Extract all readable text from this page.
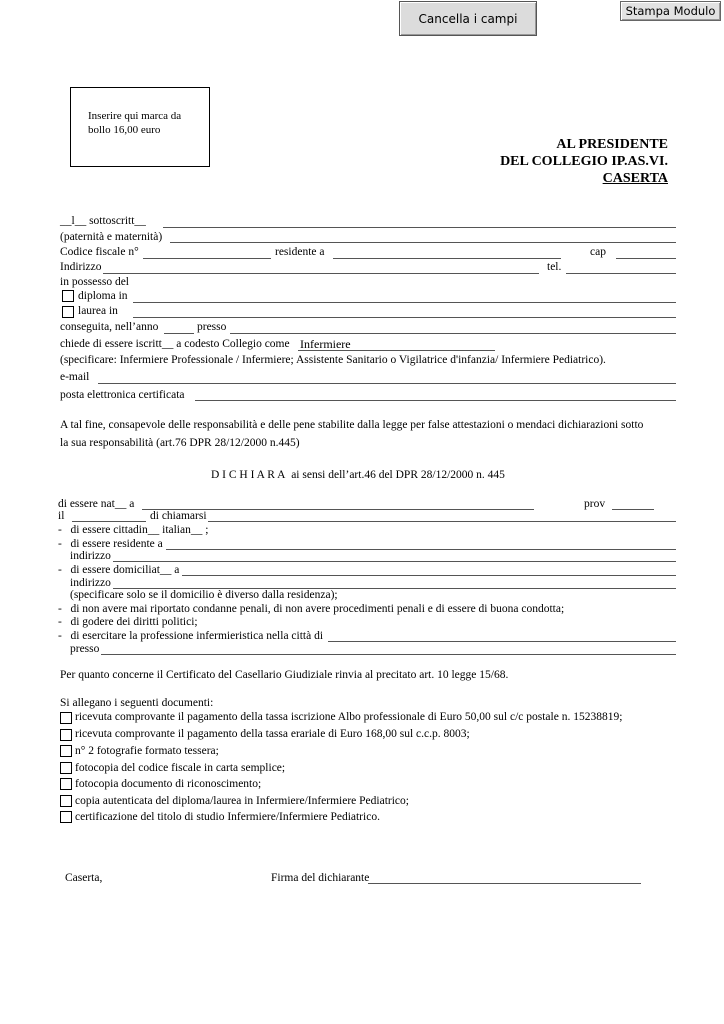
Cancella i campi
Stampa Modulo
Inserire qui marca da bollo 16,00 euro
AL PRESIDENTE
DEL COLLEGIO IP.AS.VI.
CASERTA
__l__ sottoscritt__
(paternità e maternità)
Codice fiscale n°	residente a	cap
Indirizzo	tel.
in possesso del
diploma in
laurea in
conseguita, nell’anno	presso
chiede di essere iscritt__ a codesto Collegio come Infermiere
(specificare: Infermiere Professionale / Infermiere; Assistente Sanitario o Vigilatrice d'infanzia/ Infermiere Pediatrico).
e-mail
posta elettronica certificata
A tal fine, consapevole delle responsabilità e delle pene stabilite dalla legge per false attestazioni o mendaci dichiarazioni sotto
la sua responsabilità (art.76 DPR 28/12/2000 n.445)
D I C H I A R A ai sensi dell’art.46 del DPR 28/12/2000 n. 445
di essere nat__ a	prov
il	di chiamarsi
-   di essere cittadin__ italian__ ;
-   di essere residente a
indirizzo
-   di essere domiciliat__ a
indirizzo
(specificare solo se il domicilio è diverso dalla residenza);
-   di non avere mai riportato condanne penali, di non avere procedimenti penali e di essere di buona condotta;
-   di godere dei diritti politici;
-   di esercitare la professione infermieristica nella città di
presso
Per quanto concerne il Certificato del Casellario Giudiziale rinvia al precitato art. 10 legge 15/68.
Si allegano i seguenti documenti:
ricevuta comprovante il pagamento della tassa iscrizione Albo professionale di Euro 50,00 sul c/c postale n. 15238819;
ricevuta comprovante il pagamento della tassa erariale di Euro 168,00 sul c.c.p. 8003;
n° 2 fotografie formato tessera;
fotocopia del codice fiscale in carta semplice;
fotocopia documento di riconoscimento;
copia autenticata del diploma/laurea in Infermiere/Infermiere Pediatrico;
certificazione del titolo di studio Infermiere/Infermiere Pediatrico.
Caserta,	Firma del dichiarante
